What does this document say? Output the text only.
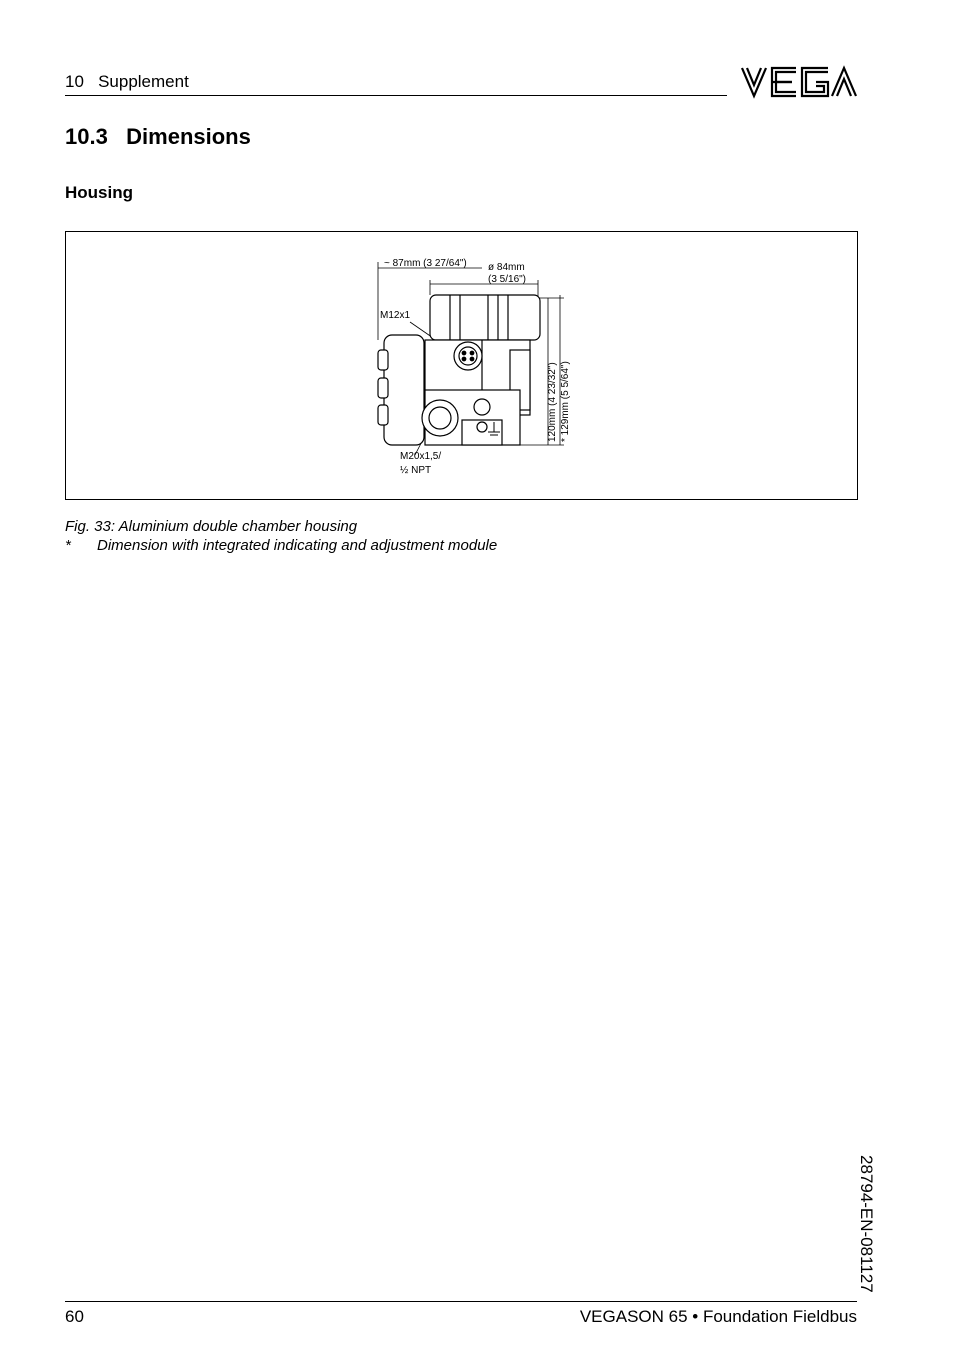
10   Supplement
10.3   Dimensions
Housing
~ 87mm (3 27/64") ø 84mm
(3 5/16")
M12x1
120mm (4 23/32") * 129mm (5 5/64")
M20x1,5/
½ NPT
Fig. 33: Aluminium double chamber housing
* Dimension with integrated indicating and adjustment module
28794-EN-081127
60	VEGASON 65 • Foundation Fieldbus
